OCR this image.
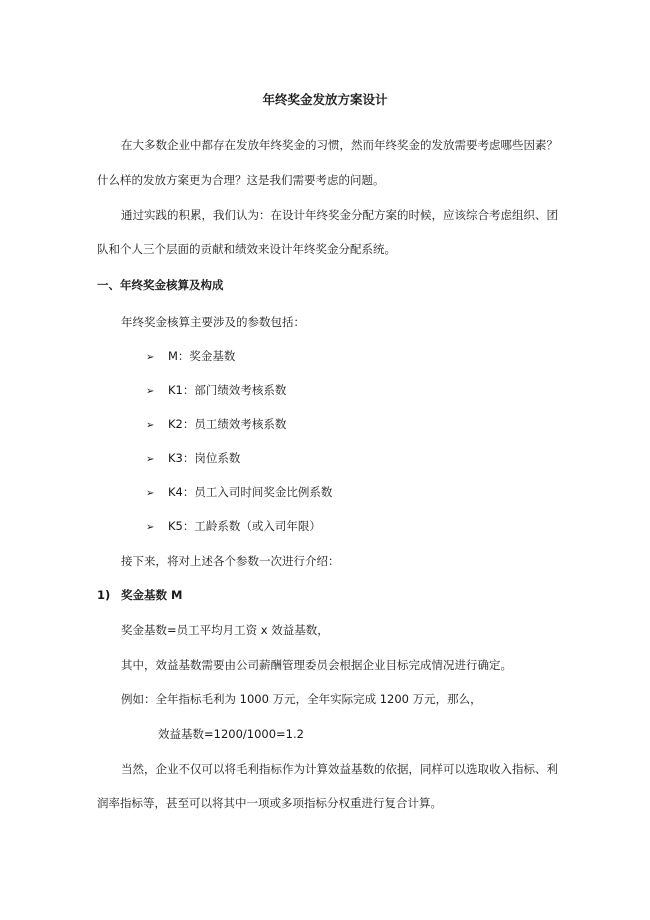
年终奖金发放方案设计
在大多数企业中都存在发放年终奖金的习惯，然而年终奖金的发放需要考虑哪些因素？
什么样的发放方案更为合理？这是我们需要考虑的问题。
通过实践的积累，我们认为：在设计年终奖金分配方案的时候，应该综合考虑组织、团
队和个人三个层面的贡献和绩效来设计年终奖金分配系统。
一、年终奖金核算及构成
年终奖金核算主要涉及的参数包括：
➢ M：奖金基数
➢ K1：部门绩效考核系数
➢ K2：员工绩效考核系数
➢ K3：岗位系数
➢ K4：员工入司时间奖金比例系数
➢ K5：工龄系数（或入司年限）
接下来，将对上述各个参数一次进行介绍：
1) 奖金基数 M
奖金基数=员工平均月工资 x 效益基数，
其中，效益基数需要由公司薪酬管理委员会根据企业目标完成情况进行确定。
例如：全年指标毛利为 1000 万元，全年实际完成 1200 万元，那么，
效益基数=1200/1000=1.2
当然，企业不仅可以将毛利指标作为计算效益基数的依据，同样可以选取收入指标、利
润率指标等，甚至可以将其中一项或多项指标分权重进行复合计算。
